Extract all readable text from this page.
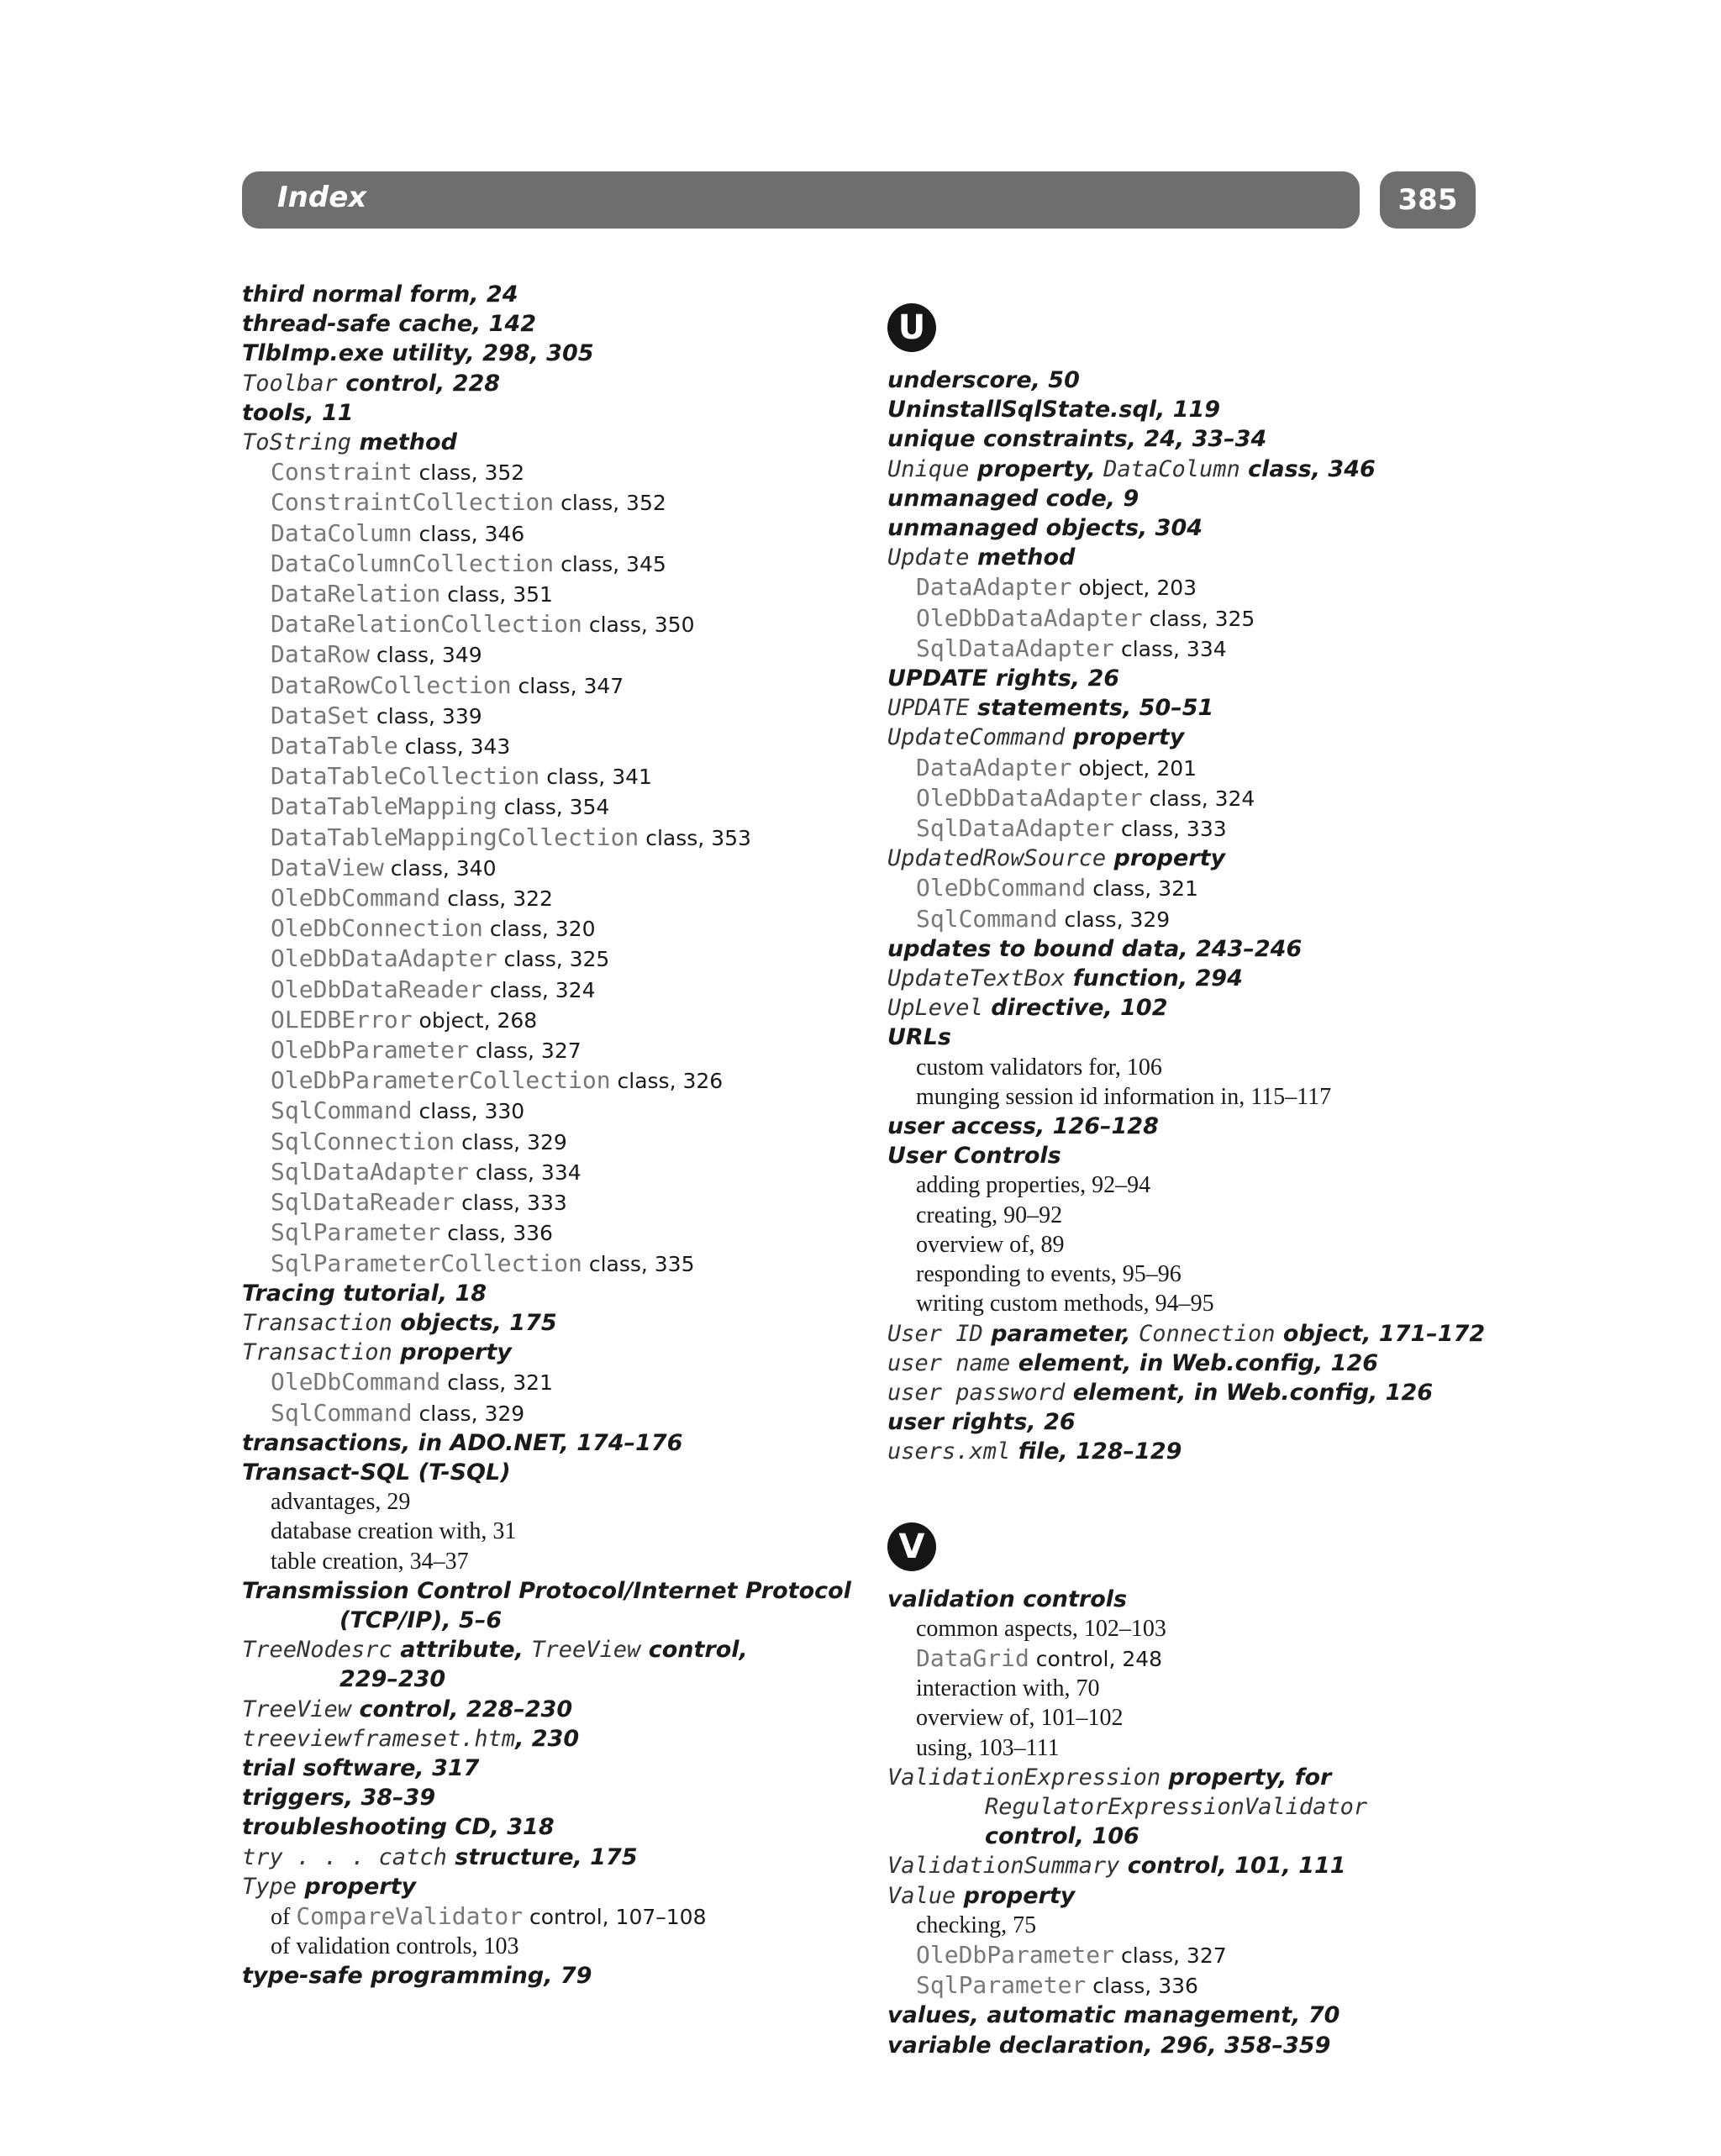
Index	385
third normal form, 24
thread-safe cache, 142
TlbImp.exe utility, 298, 305
Toolbar control, 228
tools, 11
ToString method
Constraint class, 352
ConstraintCollection class, 352
DataColumn class, 346
DataColumnCollection class, 345
DataRelation class, 351
DataRelationCollection class, 350
DataRow class, 349
DataRowCollection class, 347
DataSet class, 339
DataTable class, 343
DataTableCollection class, 341
DataTableMapping class, 354
DataTableMappingCollection class, 353
DataView class, 340
OleDbCommand class, 322
OleDbConnection class, 320
OleDbDataAdapter class, 325
OleDbDataReader class, 324
OLEDBError object, 268
OleDbParameter class, 327
OleDbParameterCollection class, 326
SqlCommand class, 330
SqlConnection class, 329
SqlDataAdapter class, 334
SqlDataReader class, 333
SqlParameter class, 336
SqlParameterCollection class, 335
Tracing tutorial, 18
Transaction objects, 175
Transaction property
OleDbCommand class, 321
SqlCommand class, 329
transactions, in ADO.NET, 174–176
Transact-SQL (T-SQL)
advantages, 29
database creation with, 31
table creation, 34–37
Transmission Control Protocol/Internet Protocol
(TCP/IP), 5–6
TreeNodesrc attribute, TreeView control,
229–230
TreeView control, 228–230
treeviewframeset.htm, 230
trial software, 317
triggers, 38–39
troubleshooting CD, 318
try . . . catch structure, 175
Type property
of CompareValidator control, 107–108
of validation controls, 103
type-safe programming, 79
U
underscore, 50
UninstallSqlState.sql, 119
unique constraints, 24, 33–34
Unique property, DataColumn class, 346
unmanaged code, 9
unmanaged objects, 304
Update method
DataAdapter object, 203
OleDbDataAdapter class, 325
SqlDataAdapter class, 334
UPDATE rights, 26
UPDATE statements, 50–51
UpdateCommand property
DataAdapter object, 201
OleDbDataAdapter class, 324
SqlDataAdapter class, 333
UpdatedRowSource property
OleDbCommand class, 321
SqlCommand class, 329
updates to bound data, 243–246
UpdateTextBox function, 294
UpLevel directive, 102
URLs
custom validators for, 106
munging session id information in, 115–117
user access, 126–128
User Controls
adding properties, 92–94
creating, 90–92
overview of, 89
responding to events, 95–96
writing custom methods, 94–95
User ID parameter, Connection object, 171–172
user name element, in Web.config, 126
user password element, in Web.config, 126
user rights, 26
users.xml file, 128–129
V
validation controls
common aspects, 102–103
DataGrid control, 248
interaction with, 70
overview of, 101–102
using, 103–111
ValidationExpression property, for
RegulatorExpressionValidator
control, 106
ValidationSummary control, 101, 111
Value property
checking, 75
OleDbParameter class, 327
SqlParameter class, 336
values, automatic management, 70
variable declaration, 296, 358–359
